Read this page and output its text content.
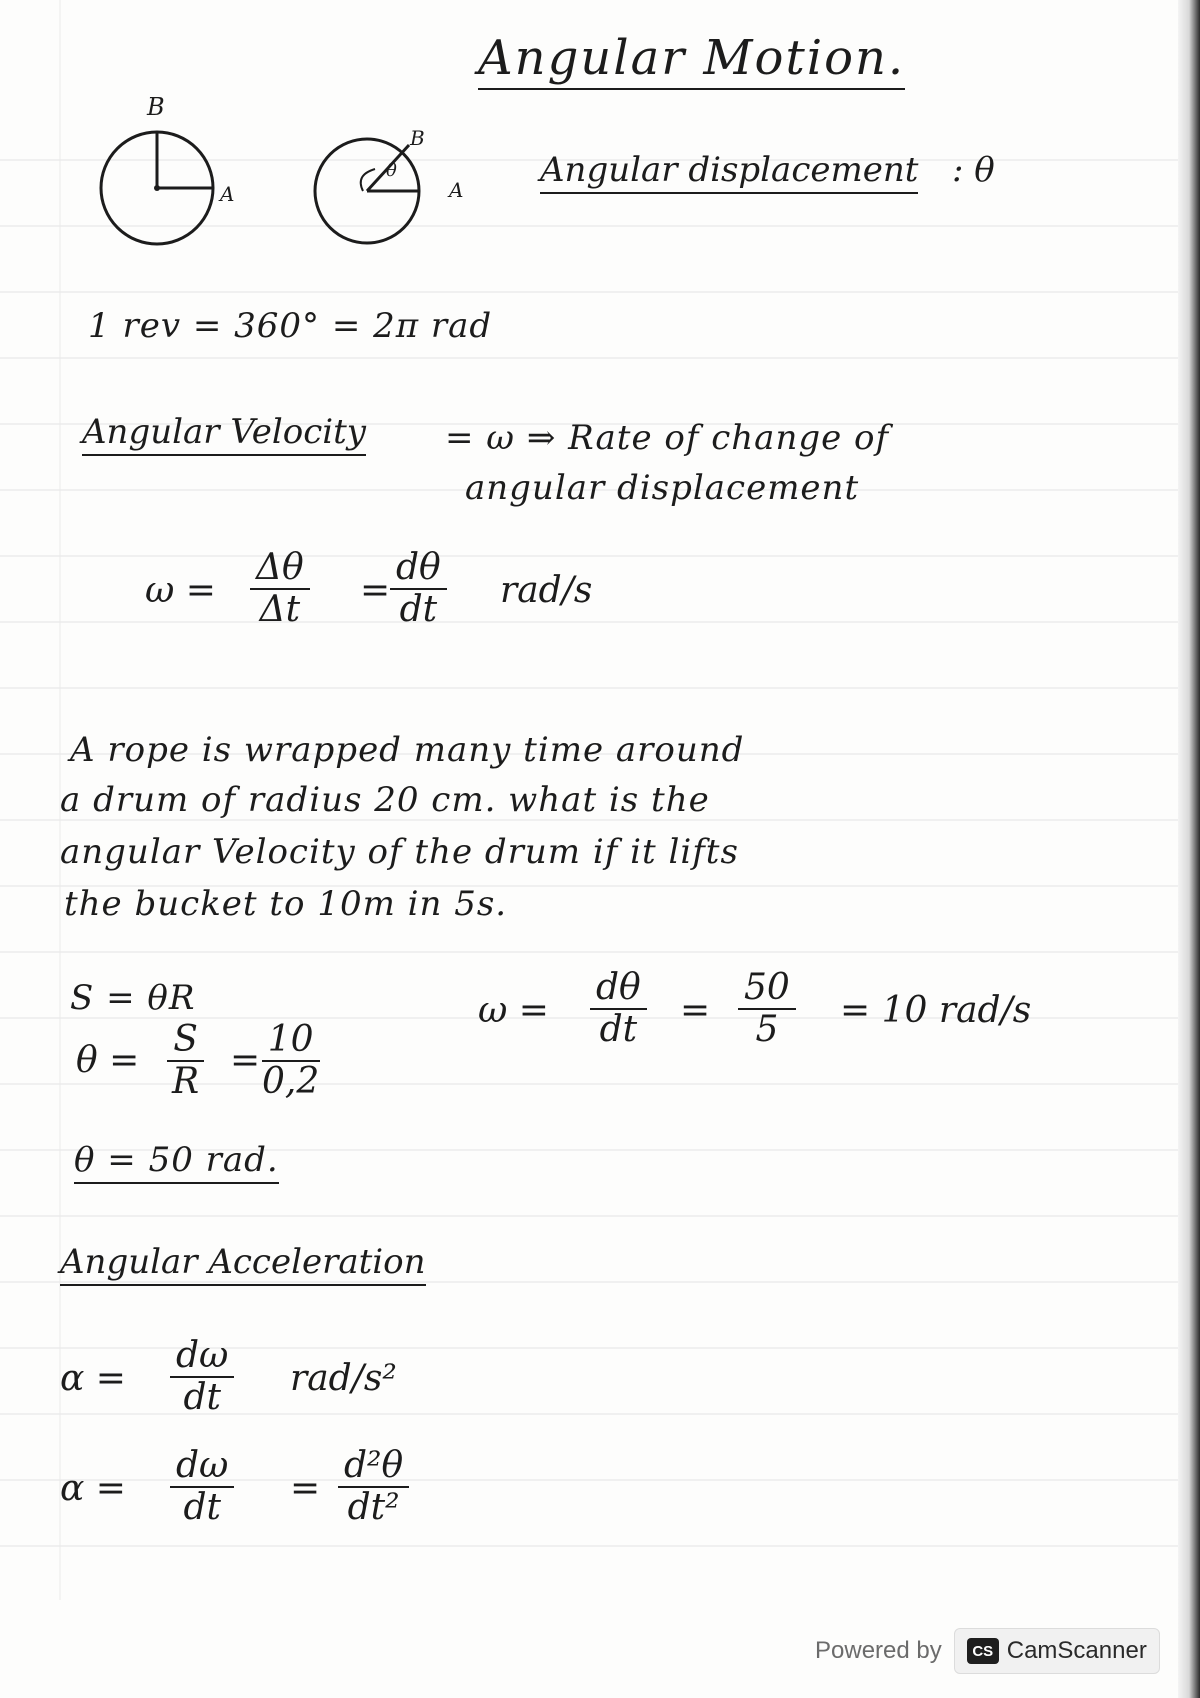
Angular Motion.
B
A
B
A
θ	Angular displacement : θ
1 rev = 360° = 2π rad
Angular Velocity = ω ⇒ Rate of change of
angular displacement
$\omega = \frac{\Delta\theta}{\Delta t} = \frac{d\theta}{dt} rad/s$
A rope is wrapped many time around
a drum of radius 20 cm. what is the
angular Velocity of the drum if it lifts
the bucket to 10m in 5s.
S = θR
$\theta = \frac{S}{R}$ =
$\frac{10}{0,2}$
θ = 50 rad.
$\omega = \frac{d\theta}{dt} = \frac{50}{5} = 10$ rad/s
Angular Acceleration
$\alpha = \frac{d\omega}{dt} rad/s^2$
$\alpha = \frac{d\omega}{dt} = \frac{\text{d²θ}}{\text{dt²}}$
Powered by	CS CamScanner
